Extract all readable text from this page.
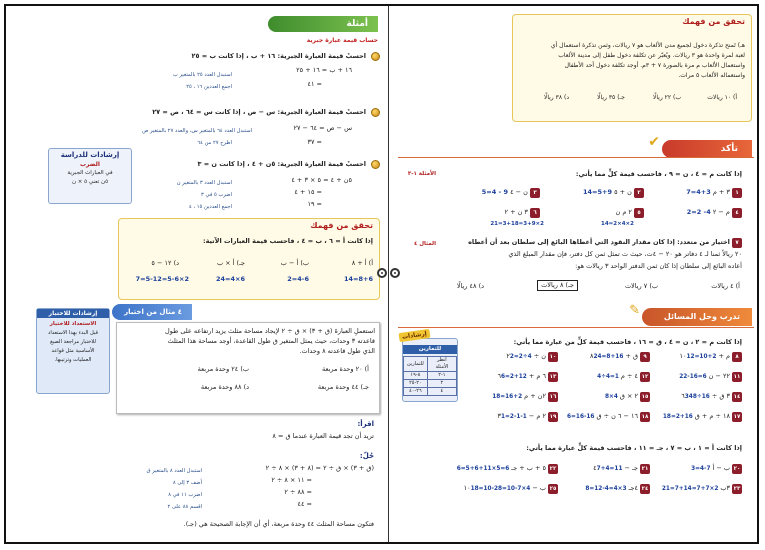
أمثلة
حساب قيمة عبارة جبرية
احسبْ قيمة العبارة الجبرية: ١٦ + ب ، إذا كانت ب = ٢٥
١٦ + ب = ١٦ + ٢٥
استبدل العدد ٢٥ بالمتغير ب
= ٤١
اجمع العددين ١٦ ، ٢٥
احسبْ قيمة العبارة الجبرية: س − ص ، إذا كانت س = ٦٤ ، ص = ٢٧
س − ص = ٦٤ − ٢٧
استبدل العدد ٦٤ بالمتغير س، والعدد ٢٧ بالمتغير ص
= ٣٧
اطرح ٢٧ من ٦٤
إرشادات للدراسة
الضرب
في العبارات الجبرية
٥ن تعني ٥ × ن
احسبْ قيمة العبارة الجبرية: ٥ن + ٤ ، إذا كانت ن = ٣
٥ن + ٤ = ٥ × ٣ + ٤
استبدل العدد ٣ بالمتغير ن
= ١٥ + ٤
اضرب ٥ في ٣
= ١٩
اجمع العددين ١٥ ، ٤
تحقق من فهمك
إذا كانت أ = ٦ ، ب = ٤ ، فاحسب قيمة العبارات الآتية:
أ) أ + ٨
ب) أ − ب
جـ) أ × ب
د) ١٢ − ٥
14=8+6
2=4-6
24=4×6
7=5-12=5-6×2
٤ مثال من اختبار
استعملِ العبارةَ (ق + ٣) × ق ÷ ٢ لإيجاد مساحة مثلث يزيد ارتفاعه على طول
قاعدته ٣ وحدات، حيث يمثل المتغير ق طول القاعدة، أوجد مساحة هذا المثلث
الذي طول قاعدته ٨ وحدات.
أ) ٢٠ وحدة مربعة
ب) ٢٤ وحدة مربعة
جـ) ٤٤ وحدة مربعة
د) ٨٨ وحدة مربعة
إرشادات للاختبار
الاستعداد للاختبار
قبل البدء بهذا الاستعداد
للاختبار مراجعة الصيغ
الأساسية مثل قواعد
العمليات وترتيبها.
اقرأ:
تريد أن تجد قيمة العبارة عندما ق = ٨
حُلّ:
(ق + ٣) × ق ÷ ٢ = (٨ + ٣) × ٨ ÷ ٢
استبدل العدد ٨ بالمتغير ق
= ١١ × ٨ ÷ ٢
أضف ٣ إلى ٨
= ٨٨ ÷ ٢
اضرب ١١ في ٨
= ٤٤
اقسم ٨٨ على ٢
فتكون مساحة المثلث ٤٤ وحدة مربعة، أي أن الإجابة الصحيحة هي (جـ).
تحقق من فهمك
هـ) تَمنح تذكرة دخول لجميع مدن الألعاب هو ٧ ريالات، وثمن تذكرة استعمال أي
لعبة لمرة واحدة هو ٣ ريالات. ويُعبّر عن تكلفة دخول طفل إلى مدينة الألعاب
واستعمال الألعاب م مرة بالصورة ٧ + ٣م. أوجد تكلفة دخول أحد الأطفال
واستعماله الألعاب ٥ مرات.
أ) ١٠ ريالات
ب) ٢٢ ريالًا
جـ) ٣٥ ريالًا
د) ٣٨ ريالًا
تأكد
✔
الأمثلة ١-٣	إذا كانت م = ٤ ، ن = ٩ ، فاحسب قيمة كلٍّ مما يأتي:
١ ٣ + م 7=4+3
٢ ن + ٥ 14=5+9
٣ ن − ٤ 5=4 - 9
٤ م − ٢ 2=2 -4
٥ ٢ م ن
14=2×4×2
٦ ٣ ن + ٢
21=3+18=3+9×2
المثال ٤	٧ اختيار من متعدد: إذا كان مقدار النقود التي أعطاها البائع إلى سلطان بعد أن أعطاه
٢٠ ريالاً ثمنا لـ ٤ دفاتر هو ٢٠ − ٤ت، حيث ت تمثل ثمن كل دفتر، فإن مقدار المبلغ الذي
أعاده البائع إلى سلطان إذا كان ثمن الدفتر الواحد ٣ ريالات هو:
أ) ٤ ريالات
ب) ٧ ريالات
جـ) ٨ ريالات
د) ٤٨ ريالًا
تدرب وحل المسائل
✎
إذا كانت م = ٢ ، ن = ٤ ، ق = ١٦ ، فاحسب قيمة كلٍّ من عبارة مما يأتي:
٨م + ١٠12=10+2
٩ق + ٨24=8+16
١٠ن ÷ ٢2=2÷4
١١٢٢ − ن22-16=6
١٢٤ ÷ م4÷4=1
١٣٦ م + ٦6=2+12
١٤٣ ق ÷ ٦348÷16
١٥٢ × ق8×4
١٦٢ن + م18=16+2
١٧١٨ ÷ م + ق18=2+16
١٨١٦ − ٦ ن ÷ ق6=16-16
١٩٢ م − ٣1=2-1-1
٢٠ب − أ3=4-7
٢١جـ − ٤7+4=11
٢٢٥ + ب + جـ6=5+6+11×5=6
٢٣٣ب21=7+14=7+7×2
٢٤٤جـ8=12-4=4×3
٢٥ب − ١٠18=10-28=10-7×4
إذا كانت أ = ١ ، ب = ٧ ، جـ = ١١ ، فاحسب قيمة كلٍّ عبارة مما يأتي:
إرشادات
للتمارين
انظر الأمثلة	للتمارين
١-٢	٨-١٩
٢	٢٠-٢٥
٤	٢٦-٤٠
